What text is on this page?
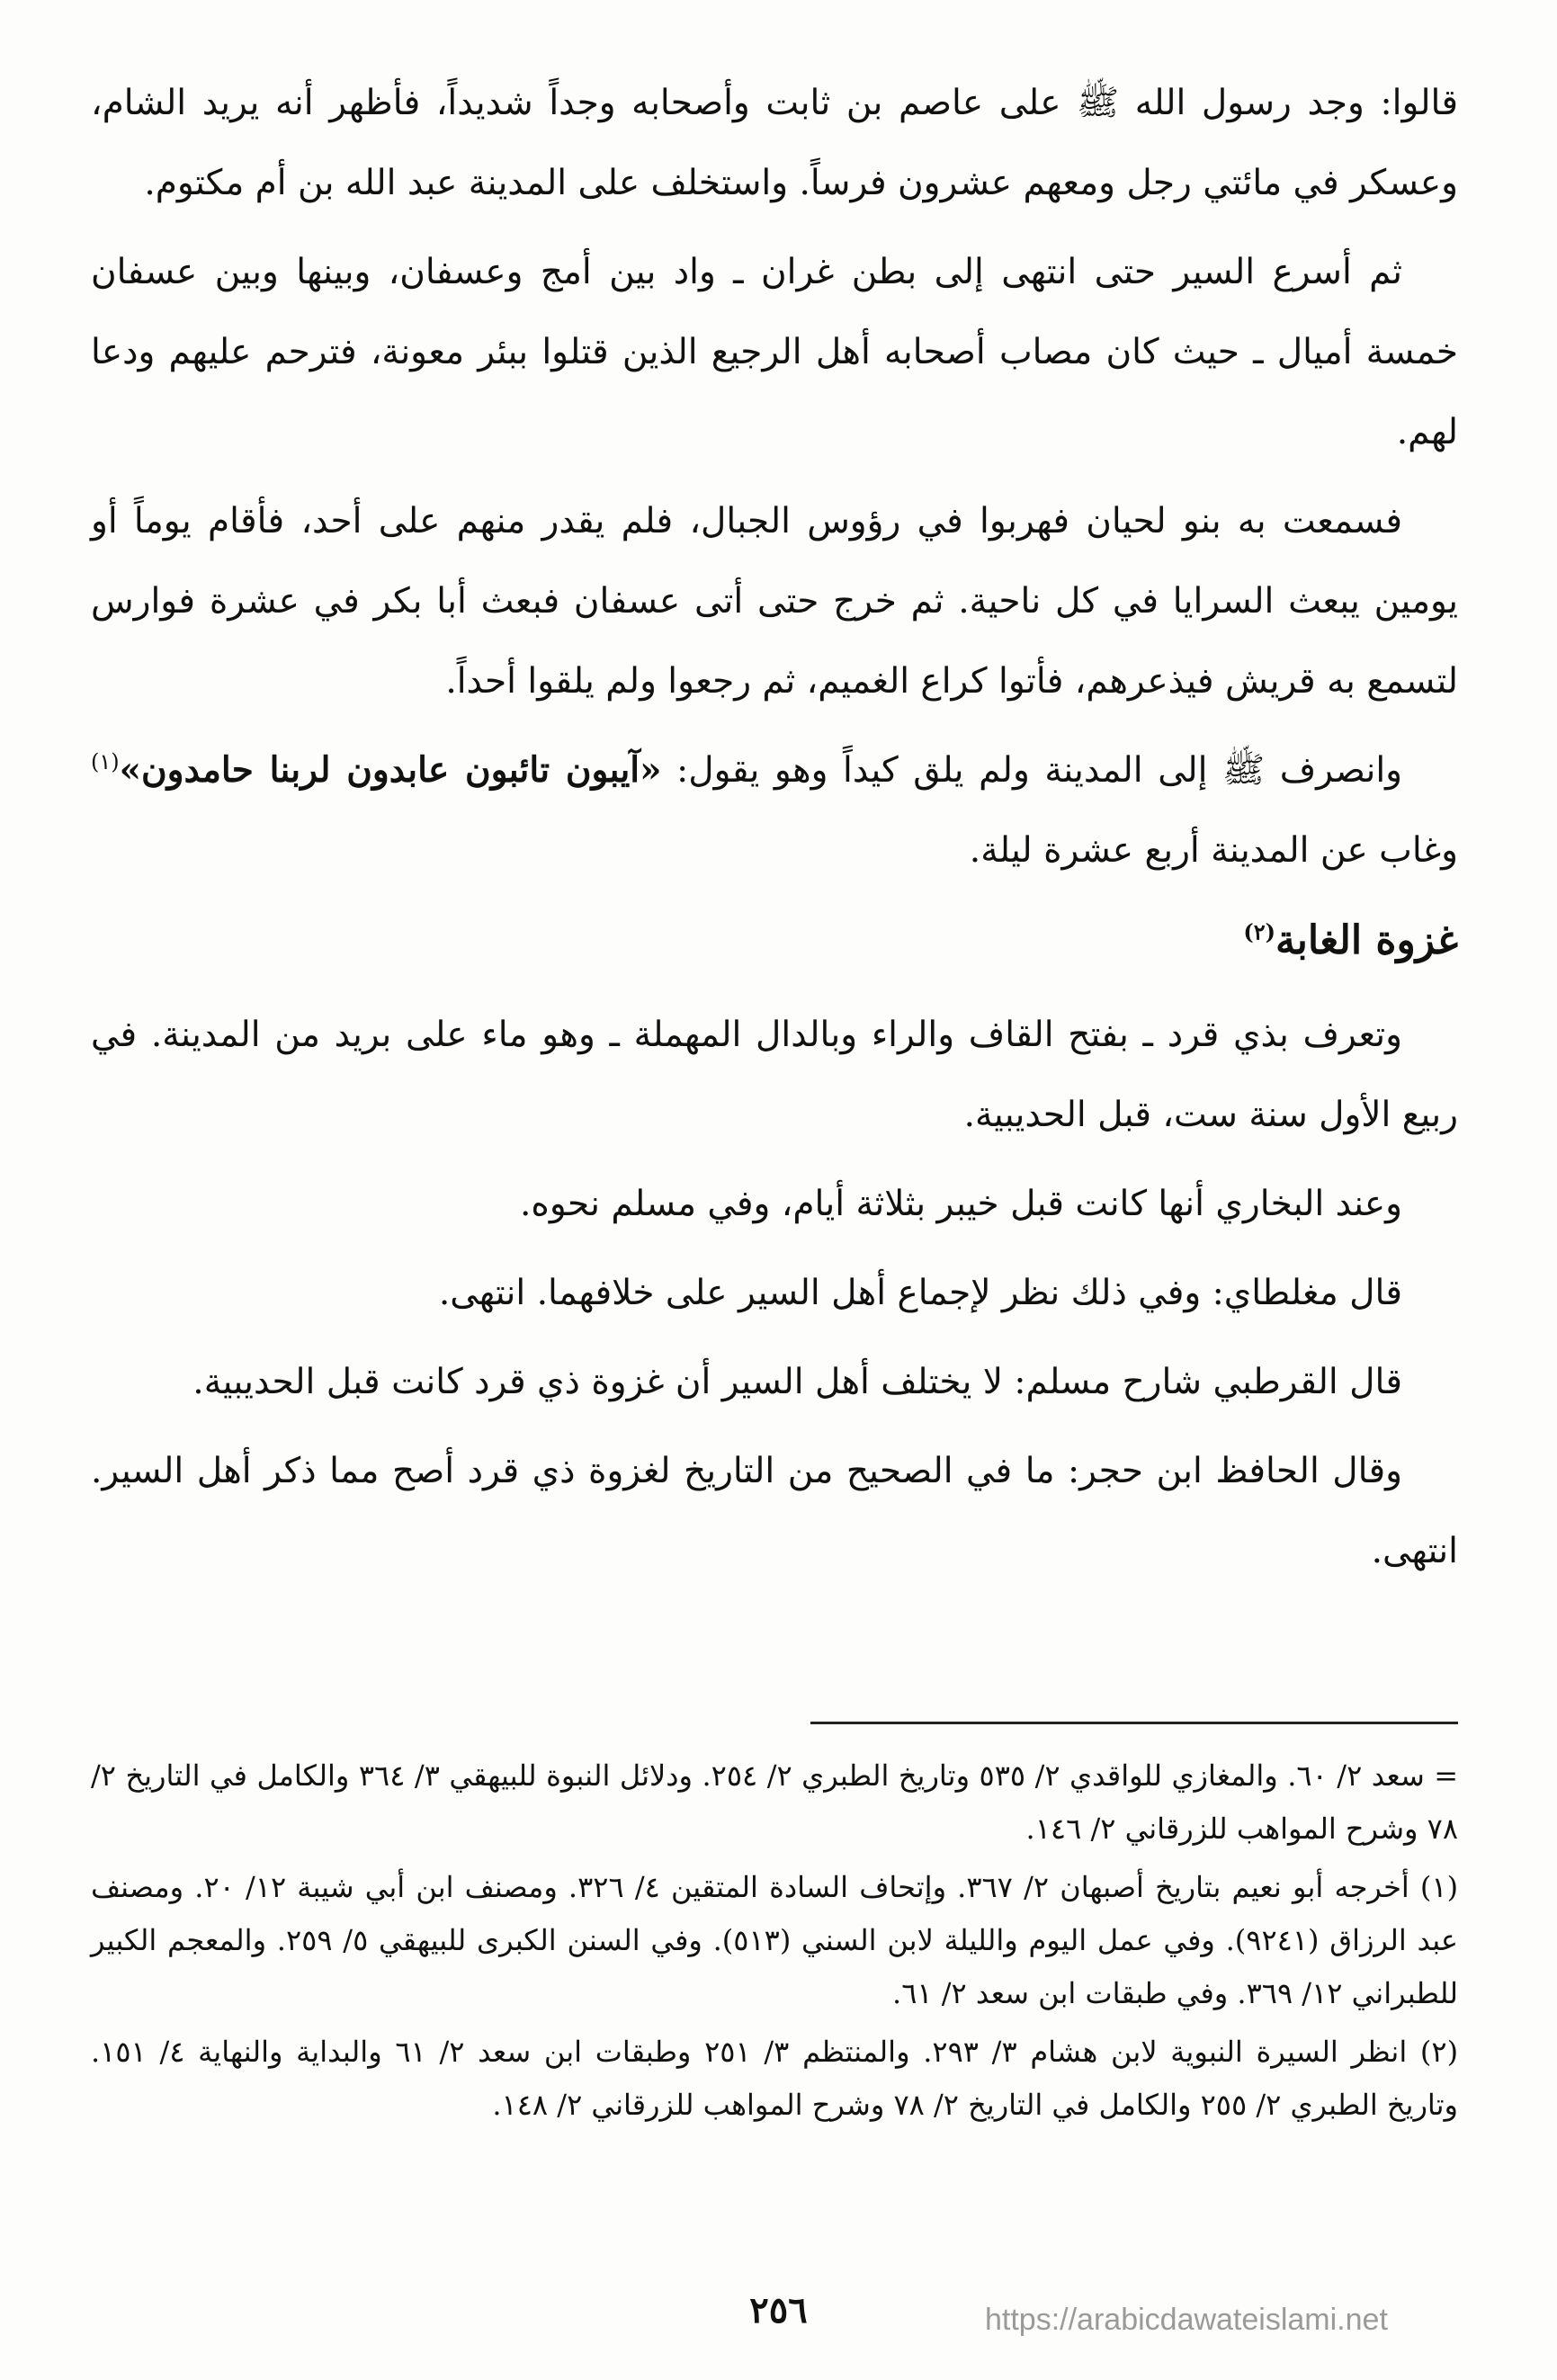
قالوا: وجد رسول الله ﷺ على عاصم بن ثابت وأصحابه وجداً شديداً، فأظهر أنه يريد الشام، وعسكر في مائتي رجل ومعهم عشرون فرساً. واستخلف على المدينة عبد الله بن أم مكتوم.

ثم أسرع السير حتى انتهى إلى بطن غران ـ واد بين أمج وعسفان، وبينها وبين عسفان خمسة أميال ـ حيث كان مصاب أصحابه أهل الرجيع الذين قتلوا ببئر معونة، فترحم عليهم ودعا لهم.

فسمعت به بنو لحيان فهربوا في رؤوس الجبال، فلم يقدر منهم على أحد، فأقام يوماً أو يومين يبعث السرايا في كل ناحية. ثم خرج حتى أتى عسفان فبعث أبا بكر في عشرة فوارس لتسمع به قريش فيذعرهم، فأتوا كراع الغميم، ثم رجعوا ولم يلقوا أحداً.

وانصرف ﷺ إلى المدينة ولم يلق كيداً وهو يقول: «آيبون تائبون عابدون لربنا حامدون»$^{(١)}$ وغاب عن المدينة أربع عشرة ليلة.

غزوة الغابة$^{(٢)}$

وتعرف بذي قرد ـ بفتح القاف والراء وبالدال المهملة ـ وهو ماء على بريد من المدينة. في ربيع الأول سنة ست، قبل الحديبية.

وعند البخاري أنها كانت قبل خيبر بثلاثة أيام، وفي مسلم نحوه.

قال مغلطاي: وفي ذلك نظر لإجماع أهل السير على خلافهما. انتهى.

قال القرطبي شارح مسلم: لا يختلف أهل السير أن غزوة ذي قرد كانت قبل الحديبية.

وقال الحافظ ابن حجر: ما في الصحيح من التاريخ لغزوة ذي قرد أصح مما ذكر أهل السير. انتهى.

= سعد ٢/ ٦٠. والمغازي للواقدي ٢/ ٥٣٥ وتاريخ الطبري ٢/ ٢٥٤. ودلائل النبوة للبيهقي ٣/ ٣٦٤ والكامل في التاريخ ٢/ ٧٨ وشرح المواهب للزرقاني ٢/ ١٤٦.

(١) أخرجه أبو نعيم بتاريخ أصبهان ٢/ ٣٦٧. وإتحاف السادة المتقين ٤/ ٣٢٦. ومصنف ابن أبي شيبة ١٢/ ٢٠. ومصنف عبد الرزاق (٩٢٤١). وفي عمل اليوم والليلة لابن السني (٥١٣). وفي السنن الكبرى للبيهقي ٥/ ٢٥٩. والمعجم الكبير للطبراني ١٢/ ٣٦٩. وفي طبقات ابن سعد ٢/ ٦١.

(٢) انظر السيرة النبوية لابن هشام ٣/ ٢٩٣. والمنتظم ٣/ ٢٥١ وطبقات ابن سعد ٢/ ٦١ والبداية والنهاية ٤/ ١٥١. وتاريخ الطبري ٢/ ٢٥٥ والكامل في التاريخ ٢/ ٧٨ وشرح المواهب للزرقاني ٢/ ١٤٨.

٢٥٦	https://arabicdawateislami.net
